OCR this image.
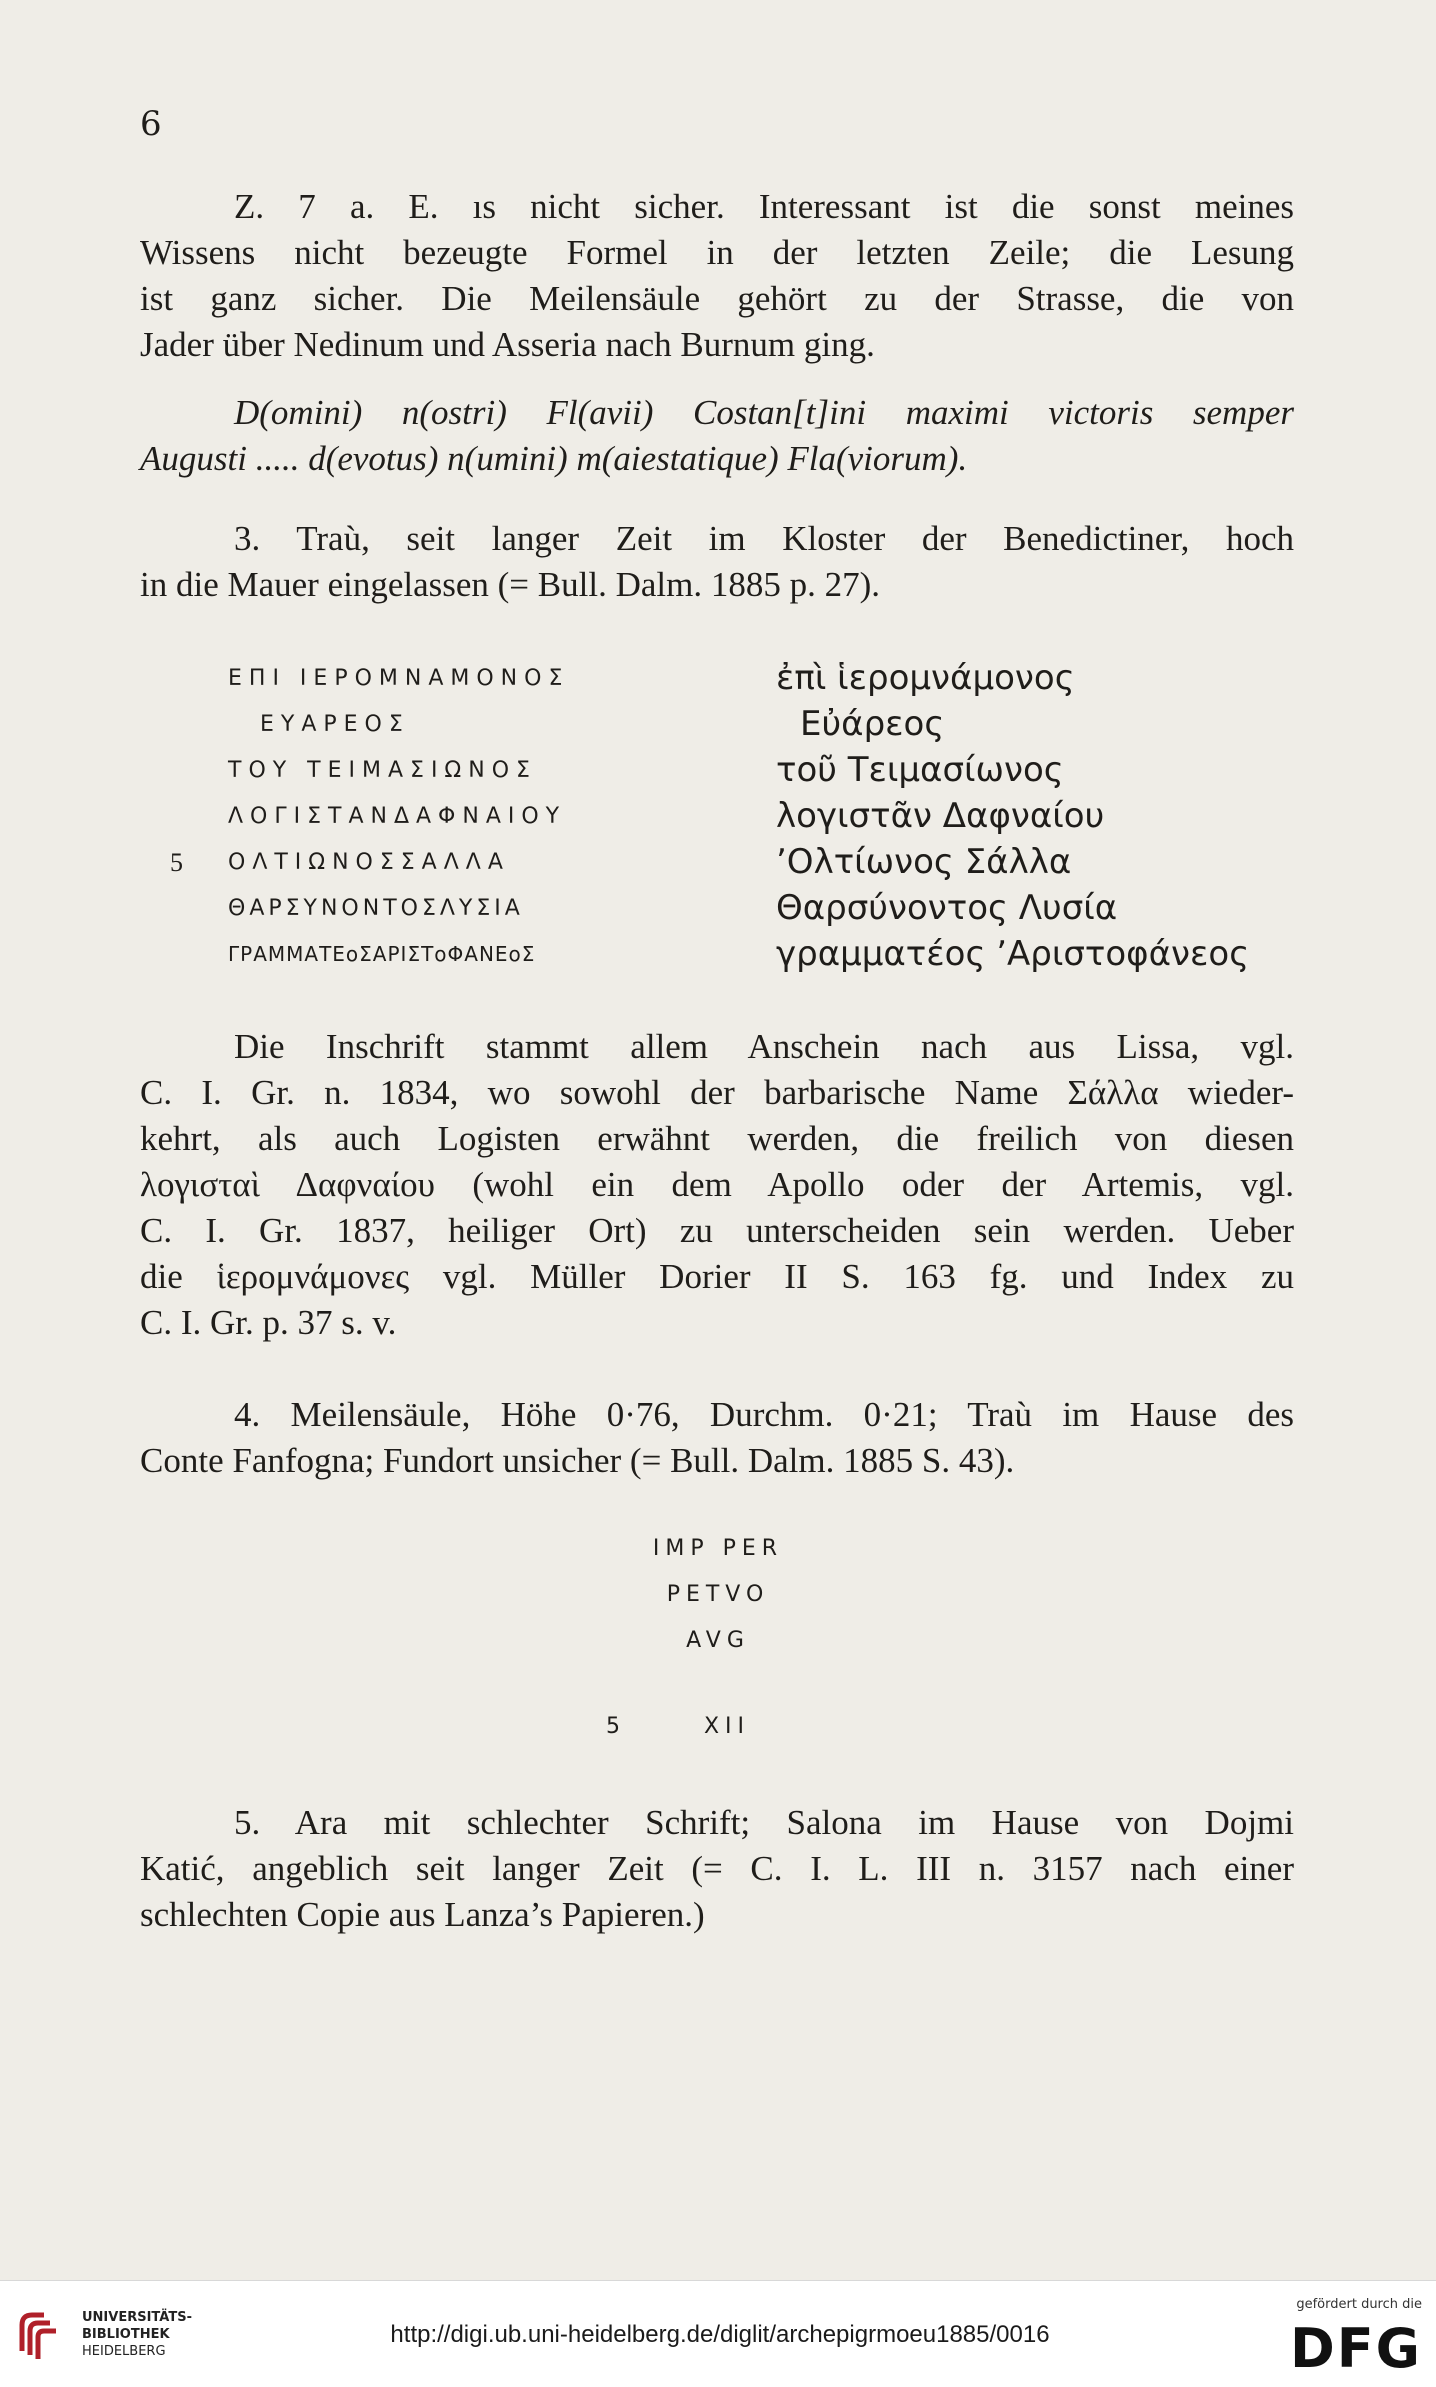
6
Z. 7 a. E. ıs nicht sicher. Interessant ist die sonst meines
Wissens nicht bezeugte Formel in der letzten Zeile; die Lesung
ist ganz sicher. Die Meilensäule gehört zu der Strasse, die von
Jader über Nedinum und Asseria nach Burnum ging.
D(omini) n(ostri) Fl(avii) Costan[t]ini maximi victoris semper
Augusti ..... d(evotus) n(umini) m(aiestatique) Fla(viorum).
3. Traù, seit langer Zeit im Kloster der Benedictiner, hoch
in die Mauer eingelassen (= Bull. Dalm. 1885 p. 27).
ΕΠΙ ΙΕΡΟΜΝΑΜΟΝΟΣ	ἐπὶ ἱερομνάμονος
ΕΥΑΡΕΟΣ	Εὐάρεος
ΤΟΥ ΤΕΙΜΑΣΙΩΝΟΣ	τοῦ Τειμασίωνος
ΛΟΓΙΣΤΑΝΔΑΦΝΑΙΟΥ	λογιστᾶν Δαφναίου
5 ΟΛΤΙΩΝΟΣΣΑΛΛΑ	’Ολτίωνος Σάλλα
ΘΑΡΣΥΝΟΝΤΟΣΛΥΣΙΑ	Θαρσύνοντος Λυσία
ΓΡΑΜΜΑΤΕοΣΑΡΙΣΤοΦΑΝΕοΣ	γραμματέος ’Αριστοφάνεος
Die Inschrift stammt allem Anschein nach aus Lissa, vgl.
C. I. Gr. n. 1834, wo sowohl der barbarische Name Σάλλα wieder-
kehrt, als auch Logisten erwähnt werden, die freilich von diesen
λογισταὶ Δαφναίου (wohl ein dem Apollo oder der Artemis, vgl.
C. I. Gr. 1837, heiliger Ort) zu unterscheiden sein werden. Ueber
die ἱερομνάμονες vgl. Müller Dorier II S. 163 fg. und Index zu
C. I. Gr. p. 37 s. v.
4. Meilensäule, Höhe 0·76, Durchm. 0·21; Traù im Hause des
Conte Fanfogna; Fundort unsicher (= Bull. Dalm. 1885 S. 43).
IMP PER
PETVO
AVG
5      XII
5. Ara mit schlechter Schrift; Salona im Hause von Dojmi
Katić, angeblich seit langer Zeit (= C. I. L. III n. 3157 nach einer
schlechten Copie aus Lanza’s Papieren.)
UNIVERSITÄTS-
BIBLIOTHEK
HEIDELBERG
http://digi.ub.uni-heidelberg.de/diglit/archepigrmoeu1885/0016
gefördert durch die
DFG
